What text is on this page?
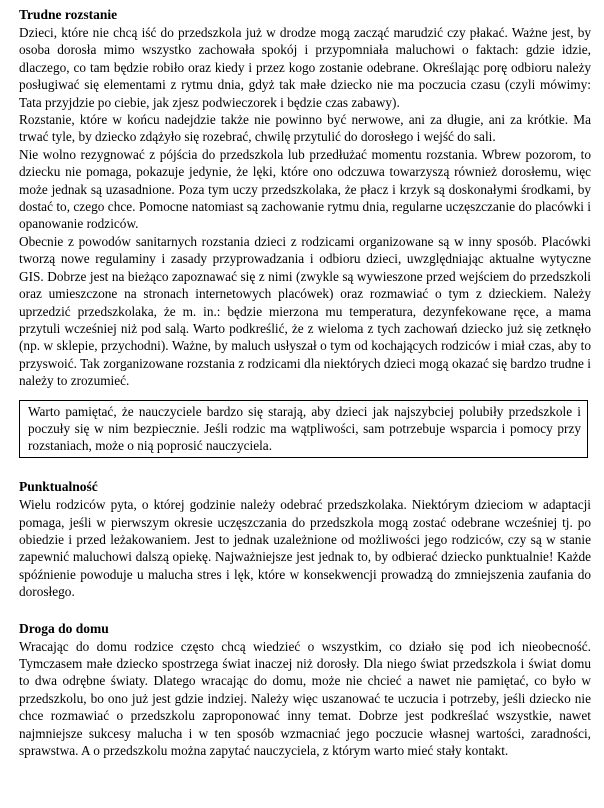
Trudne rozstanie

Dzieci, które nie chcą iść do przedszkola już w drodze mogą zacząć marudzić czy płakać. Ważne jest, by osoba dorosła mimo wszystko zachowała spokój i przypomniała maluchowi o faktach: gdzie idzie, dlaczego, co tam będzie robiło oraz kiedy i przez kogo zostanie odebrane. Określając porę odbioru należy posługiwać się elementami z rytmu dnia, gdyż tak małe dziecko nie ma poczucia czasu (czyli mówimy: Tata przyjdzie po ciebie, jak zjesz podwieczorek i będzie czas zabawy).

Rozstanie, które w końcu nadejdzie także nie powinno być nerwowe, ani za długie, ani za krótkie. Ma trwać tyle, by dziecko zdążyło się rozebrać, chwilę przytulić do dorosłego i wejść do sali.

Nie wolno rezygnować z pójścia do przedszkola lub przedłużać momentu rozstania. Wbrew pozorom, to dziecku nie pomaga, pokazuje jedynie, że lęki, które ono odczuwa towarzyszą również dorosłemu, więc może jednak są uzasadnione. Poza tym uczy przedszkolaka, że płacz i krzyk są doskonałymi środkami, by dostać to, czego chce. Pomocne natomiast są zachowanie rytmu dnia, regularne uczęszczanie do placówki i opanowanie rodziców.

Obecnie z powodów sanitarnych rozstania dzieci z rodzicami organizowane są w inny sposób. Placówki tworzą nowe regulaminy i zasady przyprowadzania i odbioru dzieci, uwzględniając aktualne wytyczne GIS. Dobrze jest na bieżąco zapoznawać się z nimi (zwykle są wywieszone przed wejściem do przedszkoli oraz umieszczone na stronach internetowych placówek) oraz rozmawiać o tym z dzieckiem. Należy uprzedzić przedszkolaka, że m. in.: będzie mierzona mu temperatura, dezynfekowane ręce, a mama przytuli wcześniej niż pod salą. Warto podkreślić, że z wieloma z tych zachowań dziecko już się zetknęło (np. w sklepie, przychodni). Ważne, by maluch usłyszał o tym od kochających rodziców i miał czas, aby to przyswoić. Tak zorganizowane rozstania z rodzicami dla niektórych dzieci mogą okazać się bardzo trudne i należy to zrozumieć.

Warto pamiętać, że nauczyciele bardzo się starają, aby dzieci jak najszybciej polubiły przedszkole i poczuły się w nim bezpiecznie. Jeśli rodzic ma wątpliwości, sam potrzebuje wsparcia i pomocy przy rozstaniach, może o nią poprosić nauczyciela.

Punktualność

Wielu rodziców pyta, o której godzinie należy odebrać przedszkolaka. Niektórym dzieciom w adaptacji pomaga, jeśli w pierwszym okresie uczęszczania do przedszkola mogą zostać odebrane wcześniej tj. po obiedzie i przed leżakowaniem. Jest to jednak uzależnione od możliwości jego rodziców, czy są w stanie zapewnić maluchowi dalszą opiekę. Najważniejsze jest jednak to, by odbierać dziecko punktualnie! Każde spóźnienie powoduje u malucha stres i lęk, które w konsekwencji prowadzą do zmniejszenia zaufania do dorosłego.

Droga do domu

Wracając do domu rodzice często chcą wiedzieć o wszystkim, co działo się pod ich nieobecność. Tymczasem małe dziecko spostrzega świat inaczej niż dorosły. Dla niego świat przedszkola i świat domu to dwa odrębne światy. Dlatego wracając do domu, może nie chcieć a nawet nie pamiętać, co było w przedszkolu, bo ono już jest gdzie indziej. Należy więc uszanować te uczucia i potrzeby, jeśli dziecko nie chce rozmawiać o przedszkolu zaproponować inny temat. Dobrze jest podkreślać wszystkie, nawet najmniejsze sukcesy malucha i w ten sposób wzmacniać jego poczucie własnej wartości, zaradności, sprawstwa. A o przedszkolu można zapytać nauczyciela, z którym warto mieć stały kontakt.
